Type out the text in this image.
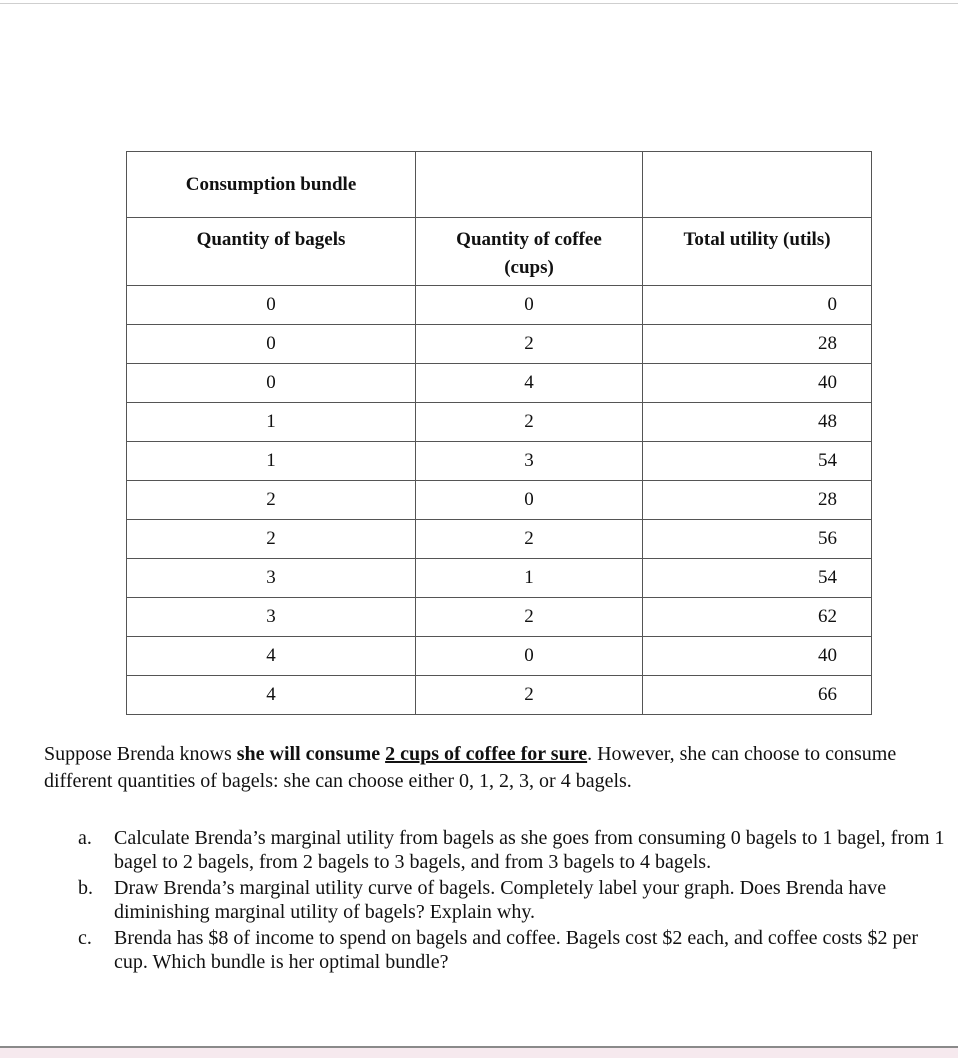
Consumption bundle		
Quantity of bagels	Quantity of coffee (cups)	Total utility (utils)
0	0	0
0	2	28
0	4	40
1	2	48
1	3	54
2	0	28
2	2	56
3	1	54
3	2	62
4	0	40
4	2	66

Suppose Brenda knows she will consume 2 cups of coffee for sure. However, she can choose to consume different quantities of bagels: she can choose either 0, 1, 2, 3, or 4 bagels.

a. Calculate Brenda’s marginal utility from bagels as she goes from consuming 0 bagels to 1 bagel, from 1 bagel to 2 bagels, from 2 bagels to 3 bagels, and from 3 bagels to 4 bagels.
b. Draw Brenda’s marginal utility curve of bagels. Completely label your graph. Does Brenda have diminishing marginal utility of bagels? Explain why.
c. Brenda has $8 of income to spend on bagels and coffee. Bagels cost $2 each, and coffee costs $2 per cup. Which bundle is her optimal bundle?
